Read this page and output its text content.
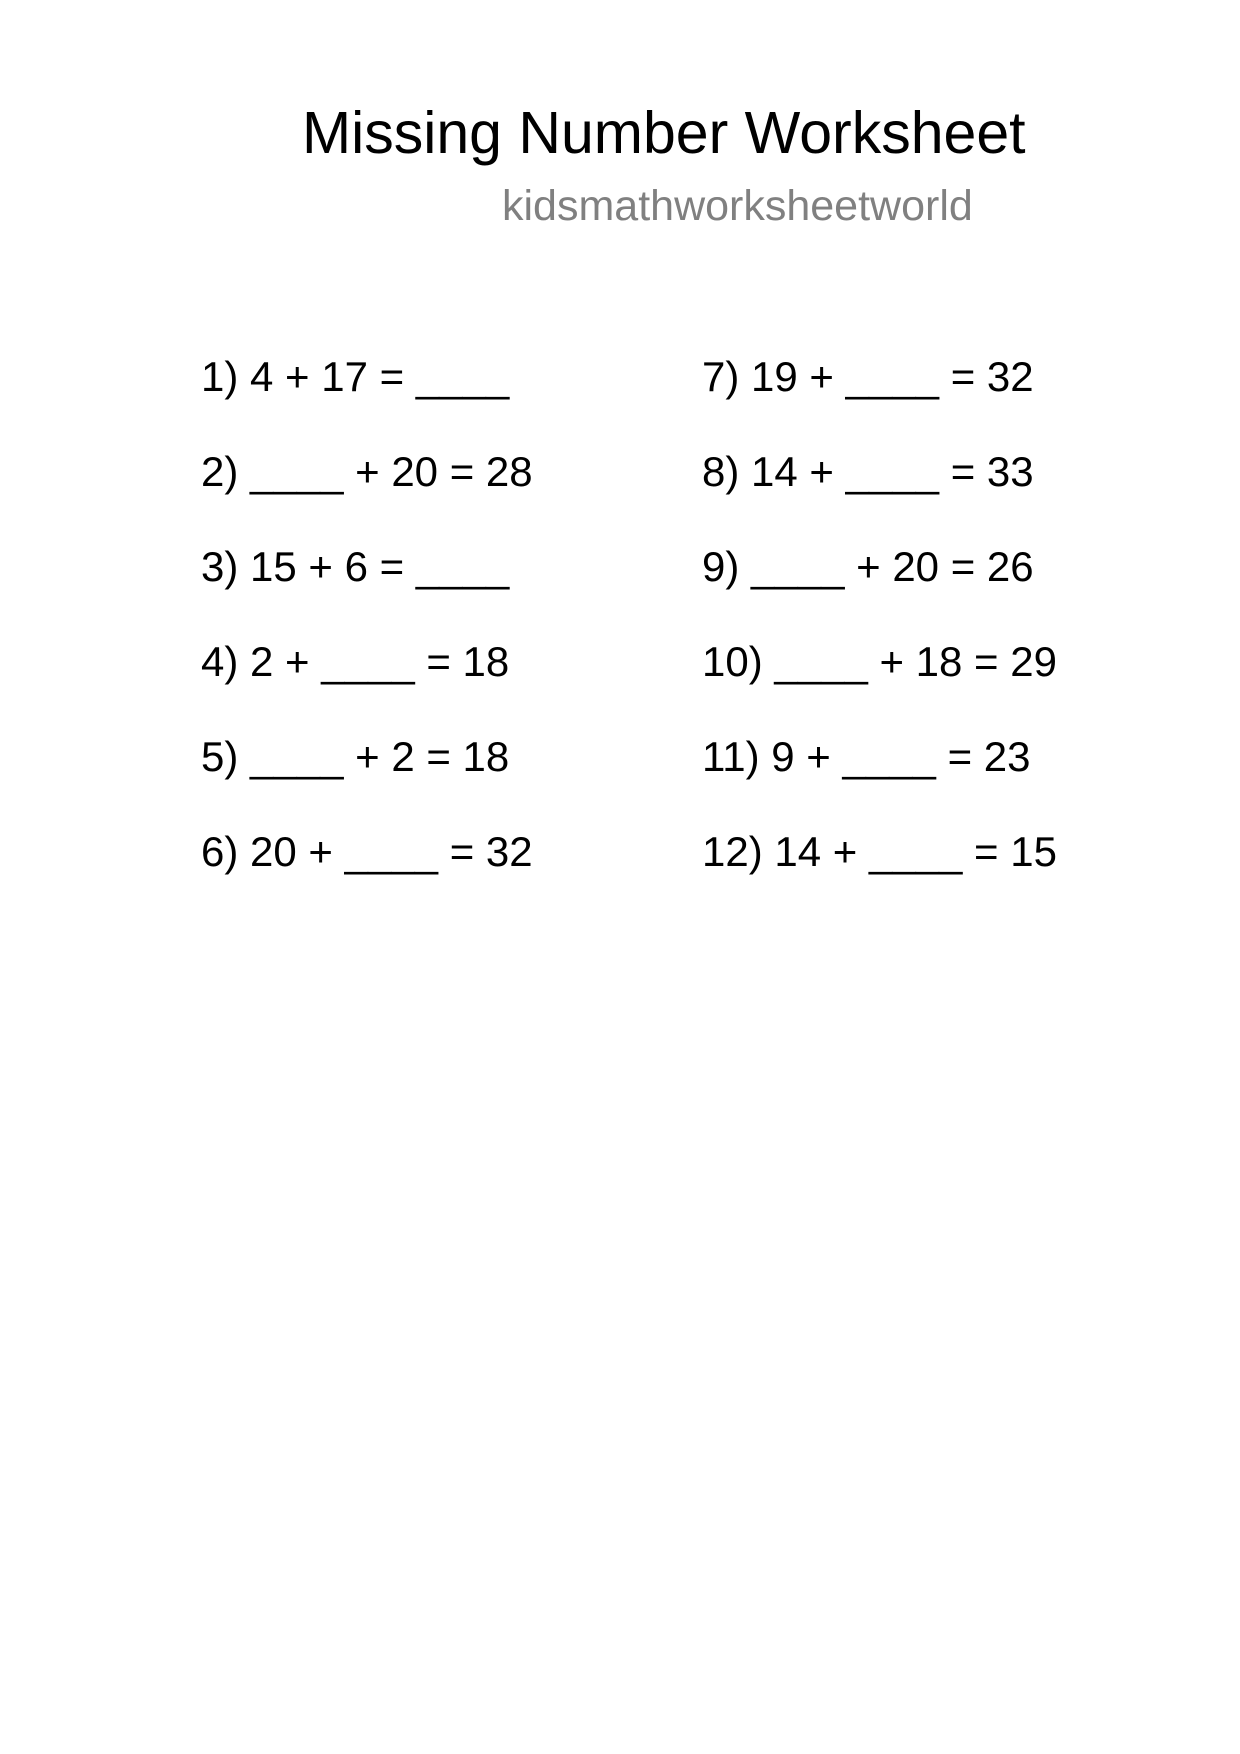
Missing Number Worksheet
kidsmathworksheetworld
1) 4 + 17 = ____
2) ____ + 20 = 28
3) 15 + 6 = ____
4) 2 + ____ = 18
5) ____ + 2 = 18
6) 20 + ____ = 32
7) 19 + ____ = 32
8) 14 + ____ = 33
9) ____ + 20 = 26
10) ____ + 18 = 29
11) 9 + ____ = 23
12) 14 + ____ = 15
